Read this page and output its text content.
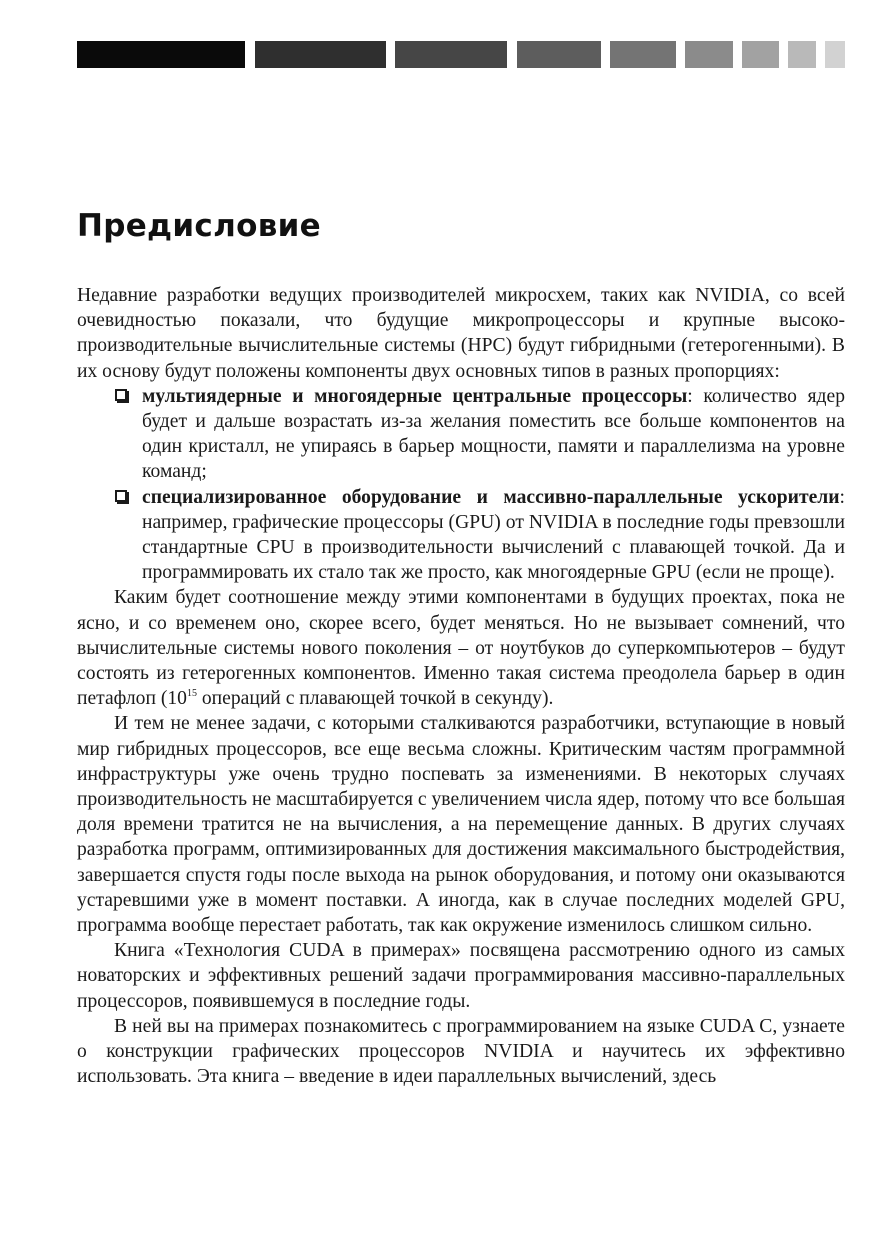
Предисловие

Недавние разработки ведущих производителей микросхем, таких как NVIDIA, со всей очевидностью показали, что будущие микропроцессоры и крупные высокопроизводительные вычислительные системы (HPC) будут гибридными (гетерогенными). В их основу будут положены компоненты двух основных типов в разных пропорциях:

мультиядерные и многоядерные центральные процессоры: количество ядер будет и дальше возрастать из-за желания поместить все больше компонентов на один кристалл, не упираясь в барьер мощности, памяти и параллелизма на уровне команд;
специализированное оборудование и массивно-параллельные ускорители: например, графические процессоры (GPU) от NVIDIA в последние годы превзошли стандартные CPU в производительности вычислений с плавающей точкой. Да и программировать их стало так же просто, как многоядерные GPU (если не проще).

Каким будет соотношение между этими компонентами в будущих проектах, пока не ясно, и со временем оно, скорее всего, будет меняться. Но не вызывает сомнений, что вычислительные системы нового поколения – от ноутбуков до суперкомпьютеров – будут состоять из гетерогенных компонентов. Именно такая система преодолела барьер в один петафлоп ($10^{15}$ операций с плавающей точкой в секунду).

И тем не менее задачи, с которыми сталкиваются разработчики, вступающие в новый мир гибридных процессоров, все еще весьма сложны. Критическим частям программной инфраструктуры уже очень трудно поспевать за изменениями. В некоторых случаях производительность не масштабируется с увеличением числа ядер, потому что все большая доля времени тратится не на вычисления, а на перемещение данных. В других случаях разработка программ, оптимизированных для достижения максимального быстродействия, завершается спустя годы после выхода на рынок оборудования, и потому они оказываются устаревшими уже в момент поставки. А иногда, как в случае последних моделей GPU, программа вообще перестает работать, так как окружение изменилось слишком сильно.

Книга «Технология CUDA в примерах» посвящена рассмотрению одного из самых новаторских и эффективных решений задачи программирования массивно-параллельных процессоров, появившемуся в последние годы.

В ней вы на примерах познакомитесь с программированием на языке CUDA C, узнаете о конструкции графических процессоров NVIDIA и научитесь их эффективно использовать. Эта книга – введение в идеи параллельных вычислений, здесь
